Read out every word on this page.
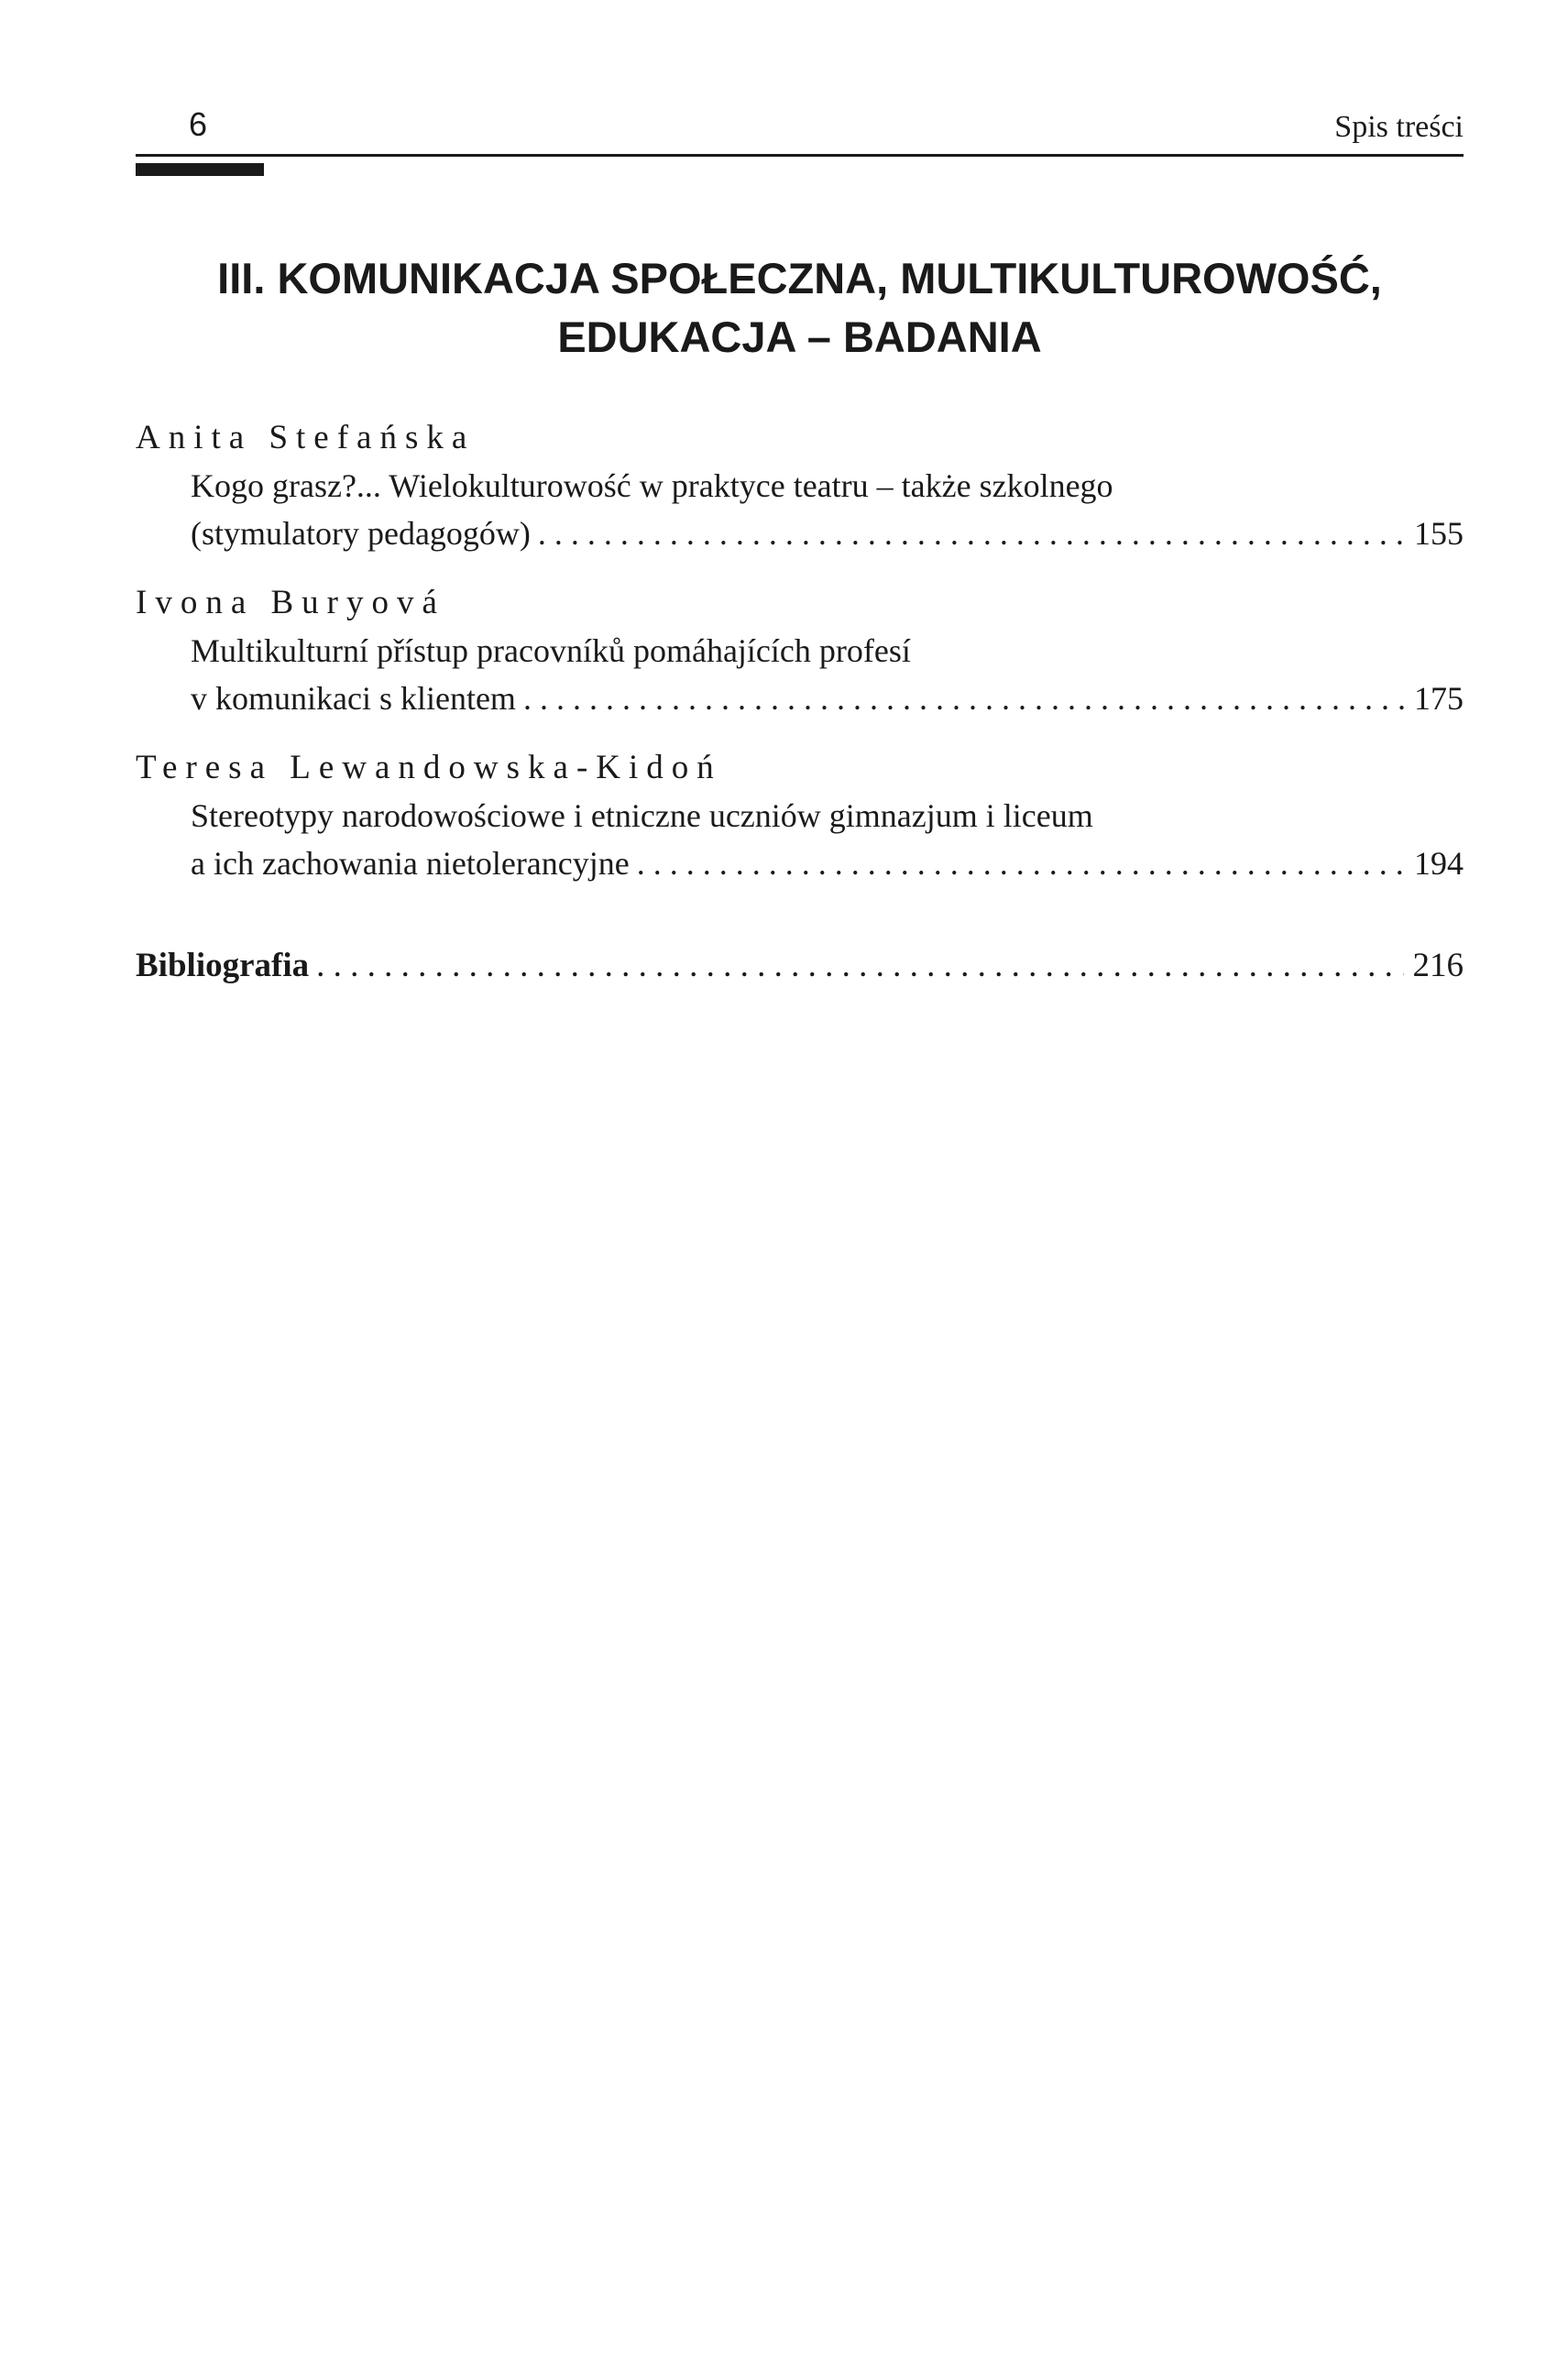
6	Spis treści
III. KOMUNIKACJA SPOŁECZNA, MULTIKULTUROWOŚĆ,
EDUKACJA – BADANIA
Anita Stefańska
Kogo grasz?... Wielokulturowość w praktyce teatru – także szkolnego
(stymulatory pedagogów) . . .	155
Ivona Buryová
Multikulturní přístup pracovníků pomáhajících profesí
v komunikaci s klientem . . .	175
Teresa Lewandowska-Kidoń
Stereotypy narodowościowe i etniczne uczniów gimnazjum i liceum
a ich zachowania nietolerancyjne . . .	194
Bibliografia . . .	216
